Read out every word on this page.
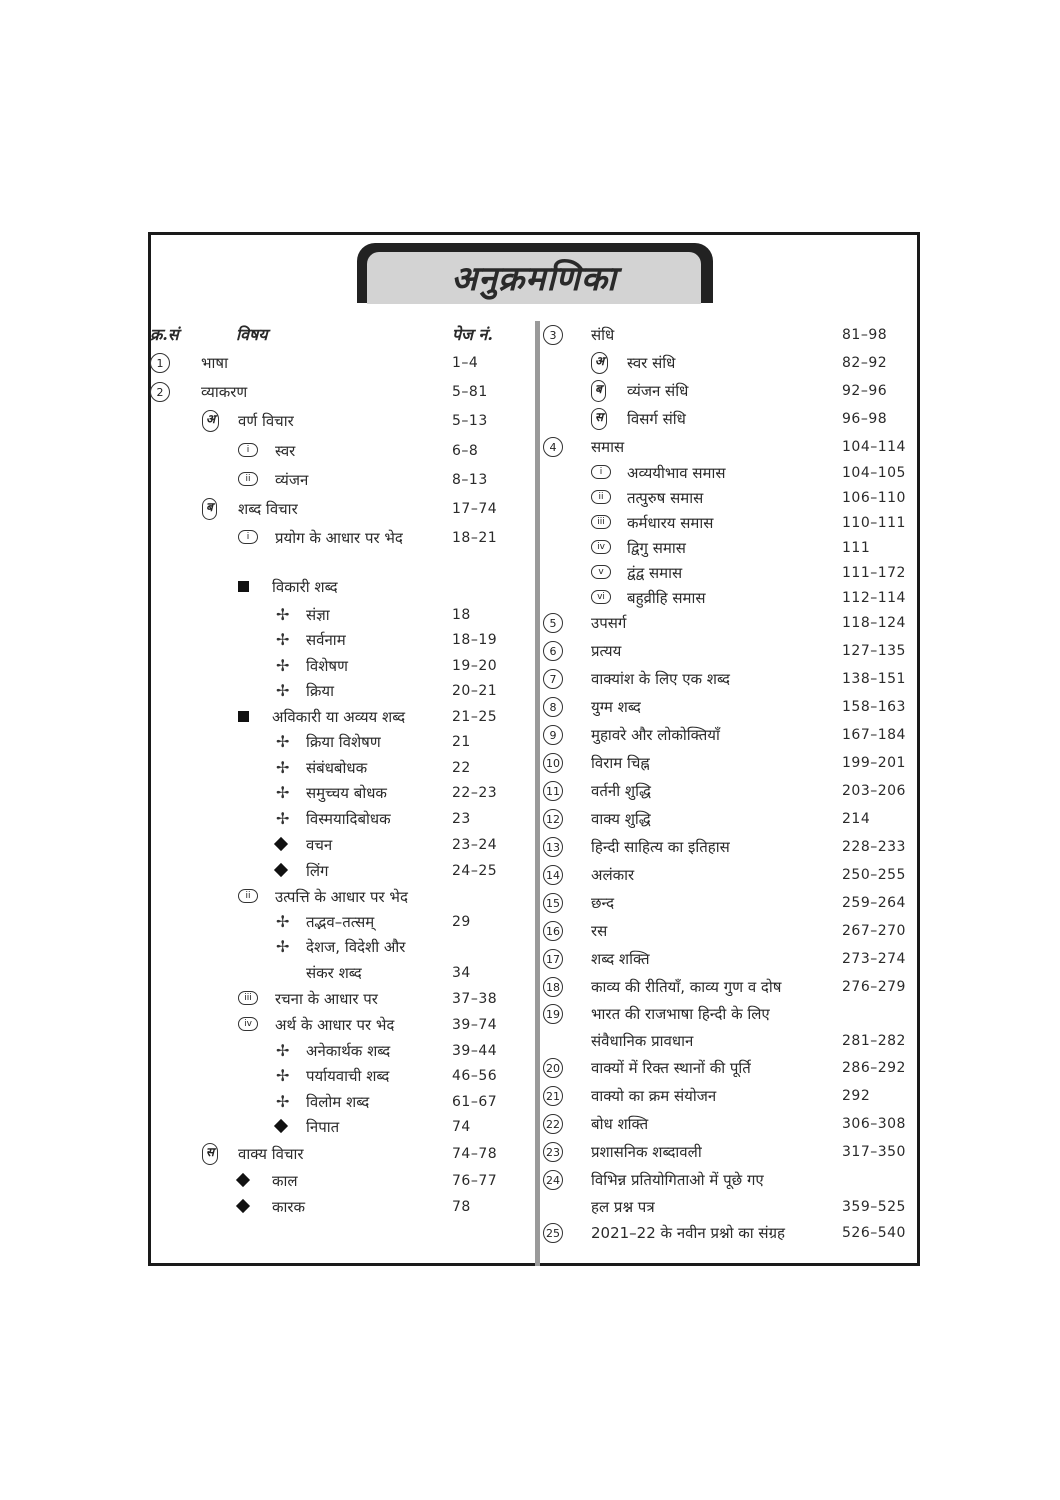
अनुक्रमणिका
क्र.सं	विषय	पेज नं.
1	भाषा	1–4
2	व्याकरण	5–81
अ वर्ण विचार	5–13
i	स्वर	6–8
ii	व्यंजन	8–13
ब शब्द विचार	17–74
i	प्रयोग के आधार पर भेद	18–21
विकारी शब्द
✢ संज्ञा	18
✢ सर्वनाम	18–19
✢ विशेषण	19–20
✢ क्रिया	20–21
अविकारी या अव्यय शब्द	21–25
✢ क्रिया विशेषण	21
✢ संबंधबोधक	22
✢ समुच्चय बोधक	22–23
✢ विस्मयादिबोधक	23
वचन	23–24
लिंग	24–25
ii	उत्पत्ति के आधार पर भेद
✢ तद्भव–तत्सम्	29
✢ देशज, विदेशी और
संकर शब्द	34
iii	रचना के आधार पर	37–38
iv	अर्थ के आधार पर भेद	39–74
✢ अनेकार्थक शब्द	39–44
✢ पर्यायवाची शब्द	46–56
✢ विलोम शब्द	61–67
निपात	74
स वाक्य विचार	74–78
काल	76–77
कारक	78
3	संधि	81–98
अ स्वर संधि	82–92
ब व्यंजन संधि	92–96
स विसर्ग संधि	96–98
4	समास	104–114
i	अव्ययीभाव समास	104–105
ii	तत्पुरुष समास	106–110
iii	कर्मधारय समास	110–111
iv	द्विगु समास	111
v	द्वंद्व समास	111–172
vi	बहुव्रीहि समास	112–114
5	उपसर्ग	118–124
6	प्रत्यय	127–135
7	वाक्यांश के लिए एक शब्द	138–151
8	युग्म शब्द	158–163
9	मुहावरे और लोकोक्तियाँ	167–184
10 विराम चिह्न	199–201
11 वर्तनी शुद्धि	203–206
12 वाक्य शुद्धि	214
13 हिन्दी साहित्य का इतिहास	228–233
14 अलंकार	250–255
15 छन्द	259–264
16 रस	267–270
17 शब्द शक्ति	273–274
18 काव्य की रीतियाँ, काव्य गुण व दोष	276–279
19 भारत की राजभाषा हिन्दी के लिए
संवैधानिक प्रावधान	281–282
20 वाक्यों में रिक्त स्थानों की पूर्ति	286–292
21 वाक्यो का क्रम संयोजन	292
22 बोध शक्ति	306–308
23 प्रशासनिक शब्दावली	317–350
24 विभिन्न प्रतियोगिताओ में पूछे गए
हल प्रश्न पत्र	359–525
25 2021–22 के नवीन प्रश्नो का संग्रह	526–540
